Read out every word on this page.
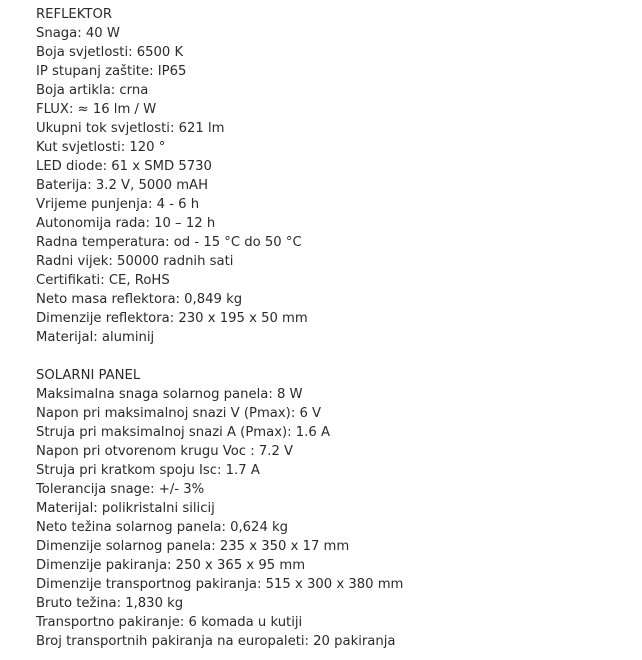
REFLEKTOR
Snaga: 40 W
Boja svjetlosti: 6500 K
IP stupanj zaštite: IP65
Boja artikla: crna
FLUX: ≈ 16 lm / W
Ukupni tok svjetlosti: 621 lm
Kut svjetlosti: 120 °
LED diode: 61 x SMD 5730
Baterija: 3.2 V, 5000 mAH
Vrijeme punjenja: 4 - 6 h
Autonomija rada: 10 – 12 h
Radna temperatura: od - 15 °C do 50 °C
Radni vijek: 50000 radnih sati
Certifikati: CE, RoHS
Neto masa reflektora: 0,849 kg
Dimenzije reflektora: 230 x 195 x 50 mm
Materijal: aluminij
SOLARNI PANEL
Maksimalna snaga solarnog panela: 8 W
Napon pri maksimalnoj snazi V (Pmax): 6 V
Struja pri maksimalnoj snazi A (Pmax): 1.6 A
Napon pri otvorenom krugu Voc : 7.2 V
Struja pri kratkom spoju Isc: 1.7 A
Tolerancija snage: +/- 3%
Materijal: polikristalni silicij
Neto težina solarnog panela: 0,624 kg
Dimenzije solarnog panela: 235 x 350 x 17 mm
Dimenzije pakiranja: 250 x 365 x 95 mm
Dimenzije transportnog pakiranja: 515 x 300 x 380 mm
Bruto težina: 1,830 kg
Transportno pakiranje: 6 komada u kutiji
Broj transportnih pakiranja na europaleti: 20 pakiranja
